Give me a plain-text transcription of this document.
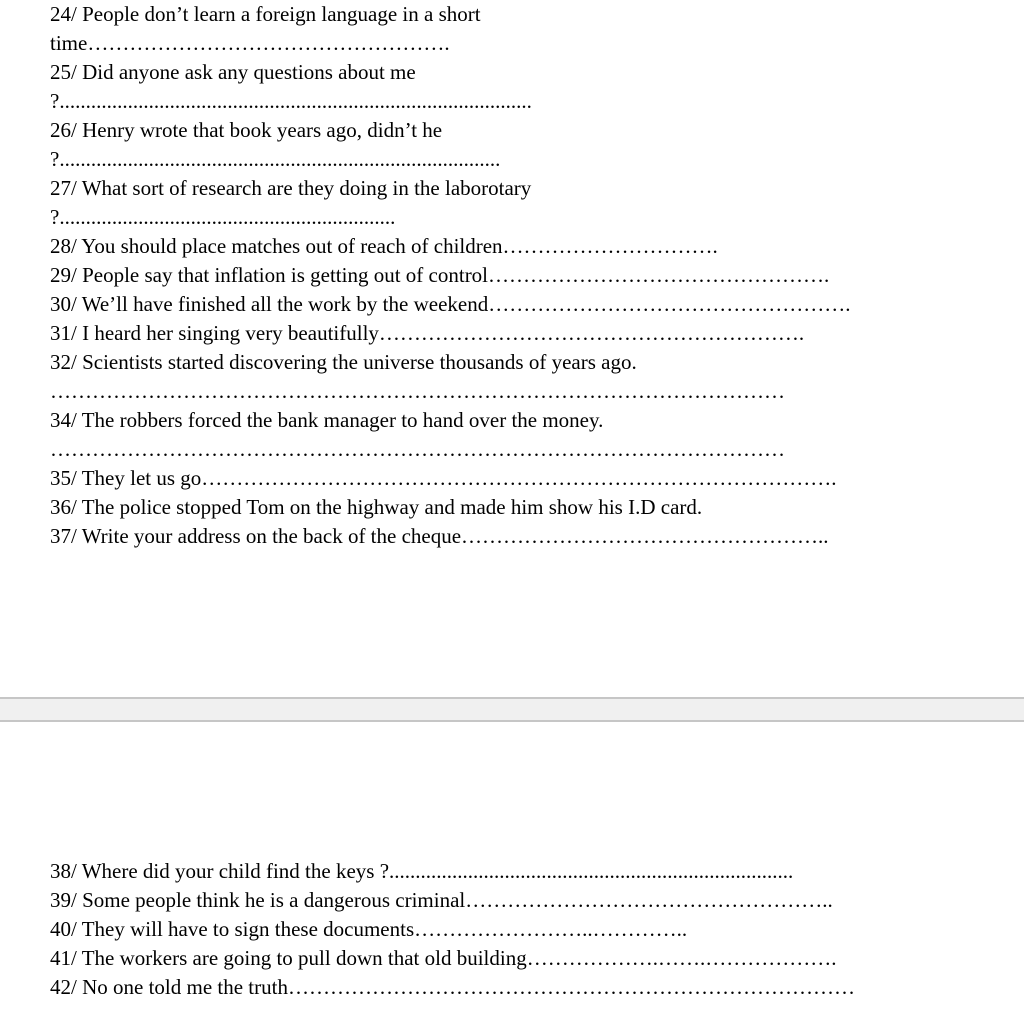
24/ People don’t learn a foreign language in a short
time…………………………………………….
25/ Did anyone ask any questions about me
?..........................................................................................
26/ Henry wrote that book years ago, didn’t he
?....................................................................................
27/ What sort of research are they doing in the laborotary
?................................................................
28/ You should place matches out of reach of children………………………….
29/ People say that inflation is getting out of control………………………………………….
30/ We’ll have finished all the work by the weekend…………………………………………….
31/ I heard her singing very beautifully…………………………………………………….
32/ Scientists started discovering the universe thousands of years ago.
……………………………………………………………………………………………
34/ The robbers forced the bank manager to hand over the money.
……………………………………………………………………………………………
35/ They let us go……………………………………………………………………………….
36/ The police stopped Tom on the highway and made him show his I.D card.
37/ Write your address on the back of the cheque……………………………………………..
38/ Where did your child find the keys ?.............................................................................
39/ Some people think he is a dangerous criminal……………………………………………..
40/ They will have to sign these documents……………………..…………..
41/ The workers are going to pull down that old building……………….…….……………….
42/ No one told me the truth………………………………………………………………………
